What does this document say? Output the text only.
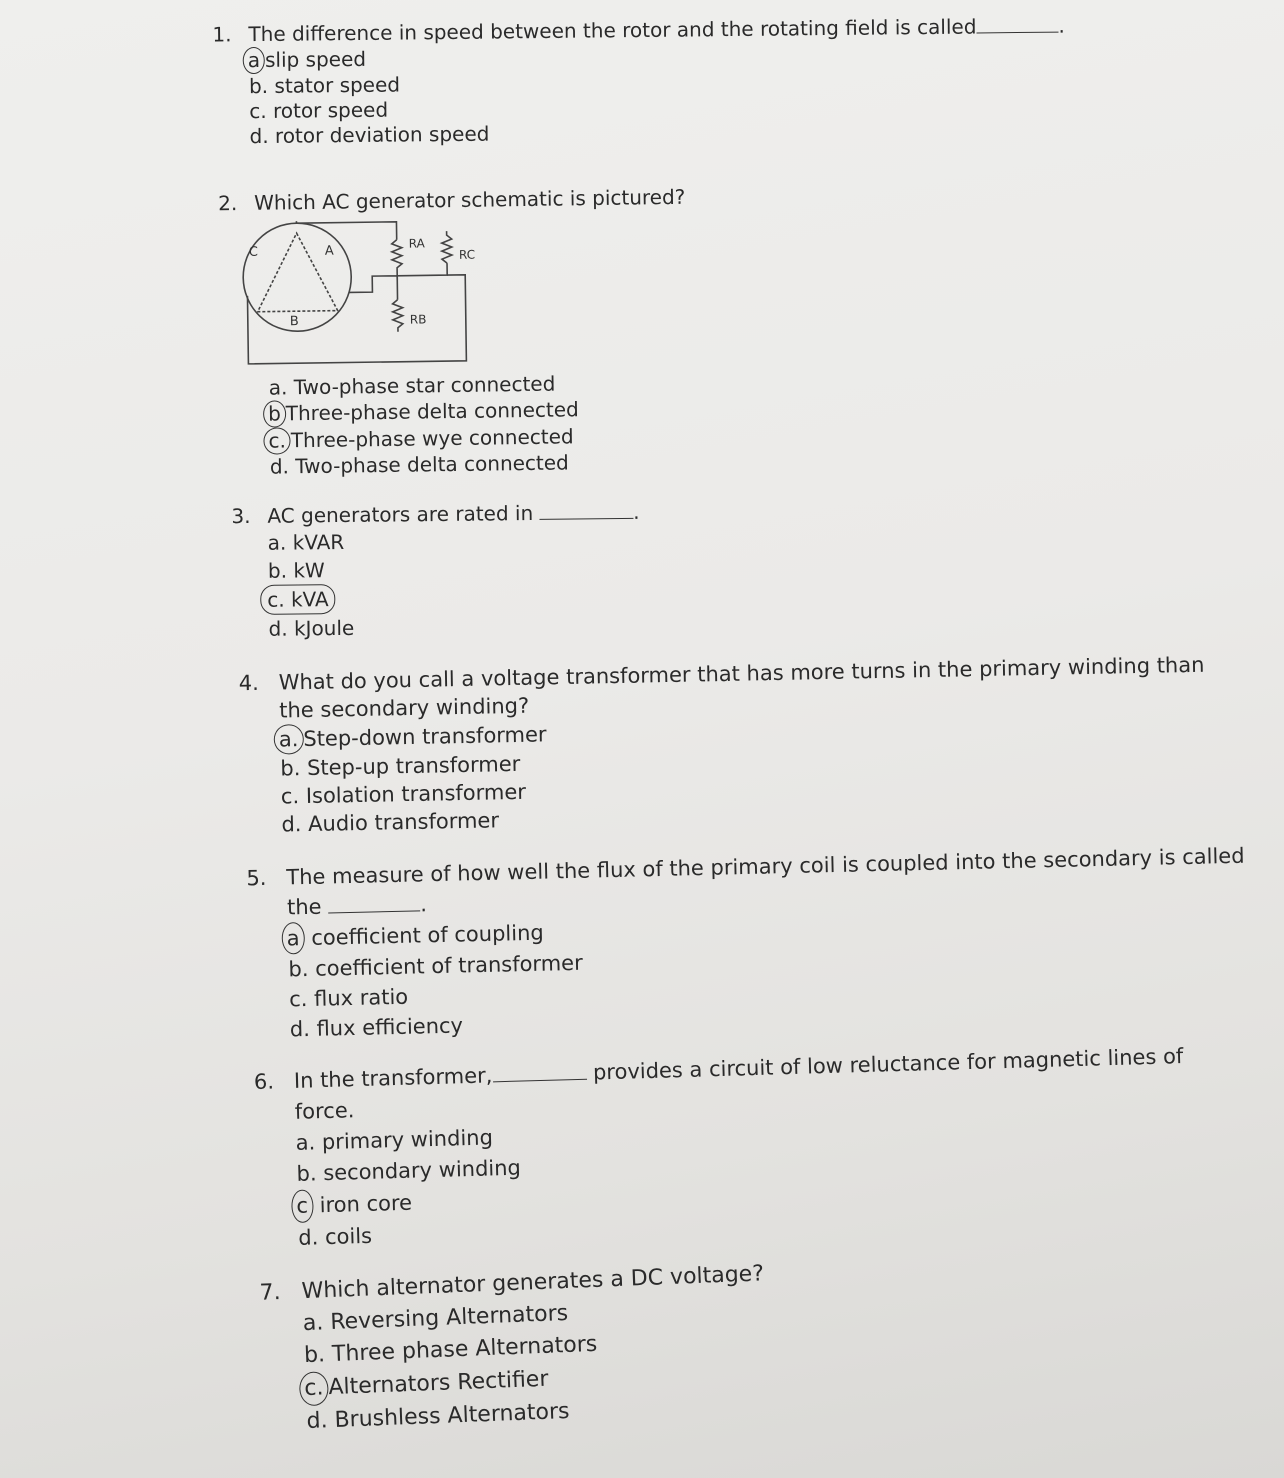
1. The difference in speed between the rotor and the rotating field is called	.
a slip speed
b. stator speed
c. rotor speed
d. rotor deviation speed
2. Which AC generator schematic is pictured?
C	A
B
RA
RB
RC
a. Two-phase star connected
b Three-phase delta connected
c. Three-phase wye connected
d. Two-phase delta connected
3. AC generators are rated in	.
a. kVAR
b. kW
c. kVA
d. kJoule
4. What do you call a voltage transformer that has more turns in the primary winding than
the secondary winding?
a. Step-down transformer
b. Step-up transformer
c. Isolation transformer
d. Audio transformer
5. The measure of how well the flux of the primary coil is coupled into the secondary is called
the	.
a coefficient of coupling
b. coefficient of transformer
c. flux ratio
d. flux efficiency
6. In the transformer,	provides a circuit of low reluctance for magnetic lines of
force.
a. primary winding
b. secondary winding
c iron core
d. coils
7. Which alternator generates a DC voltage?
a. Reversing Alternators
b. Three phase Alternators
c. Alternators Rectifier
d. Brushless Alternators
